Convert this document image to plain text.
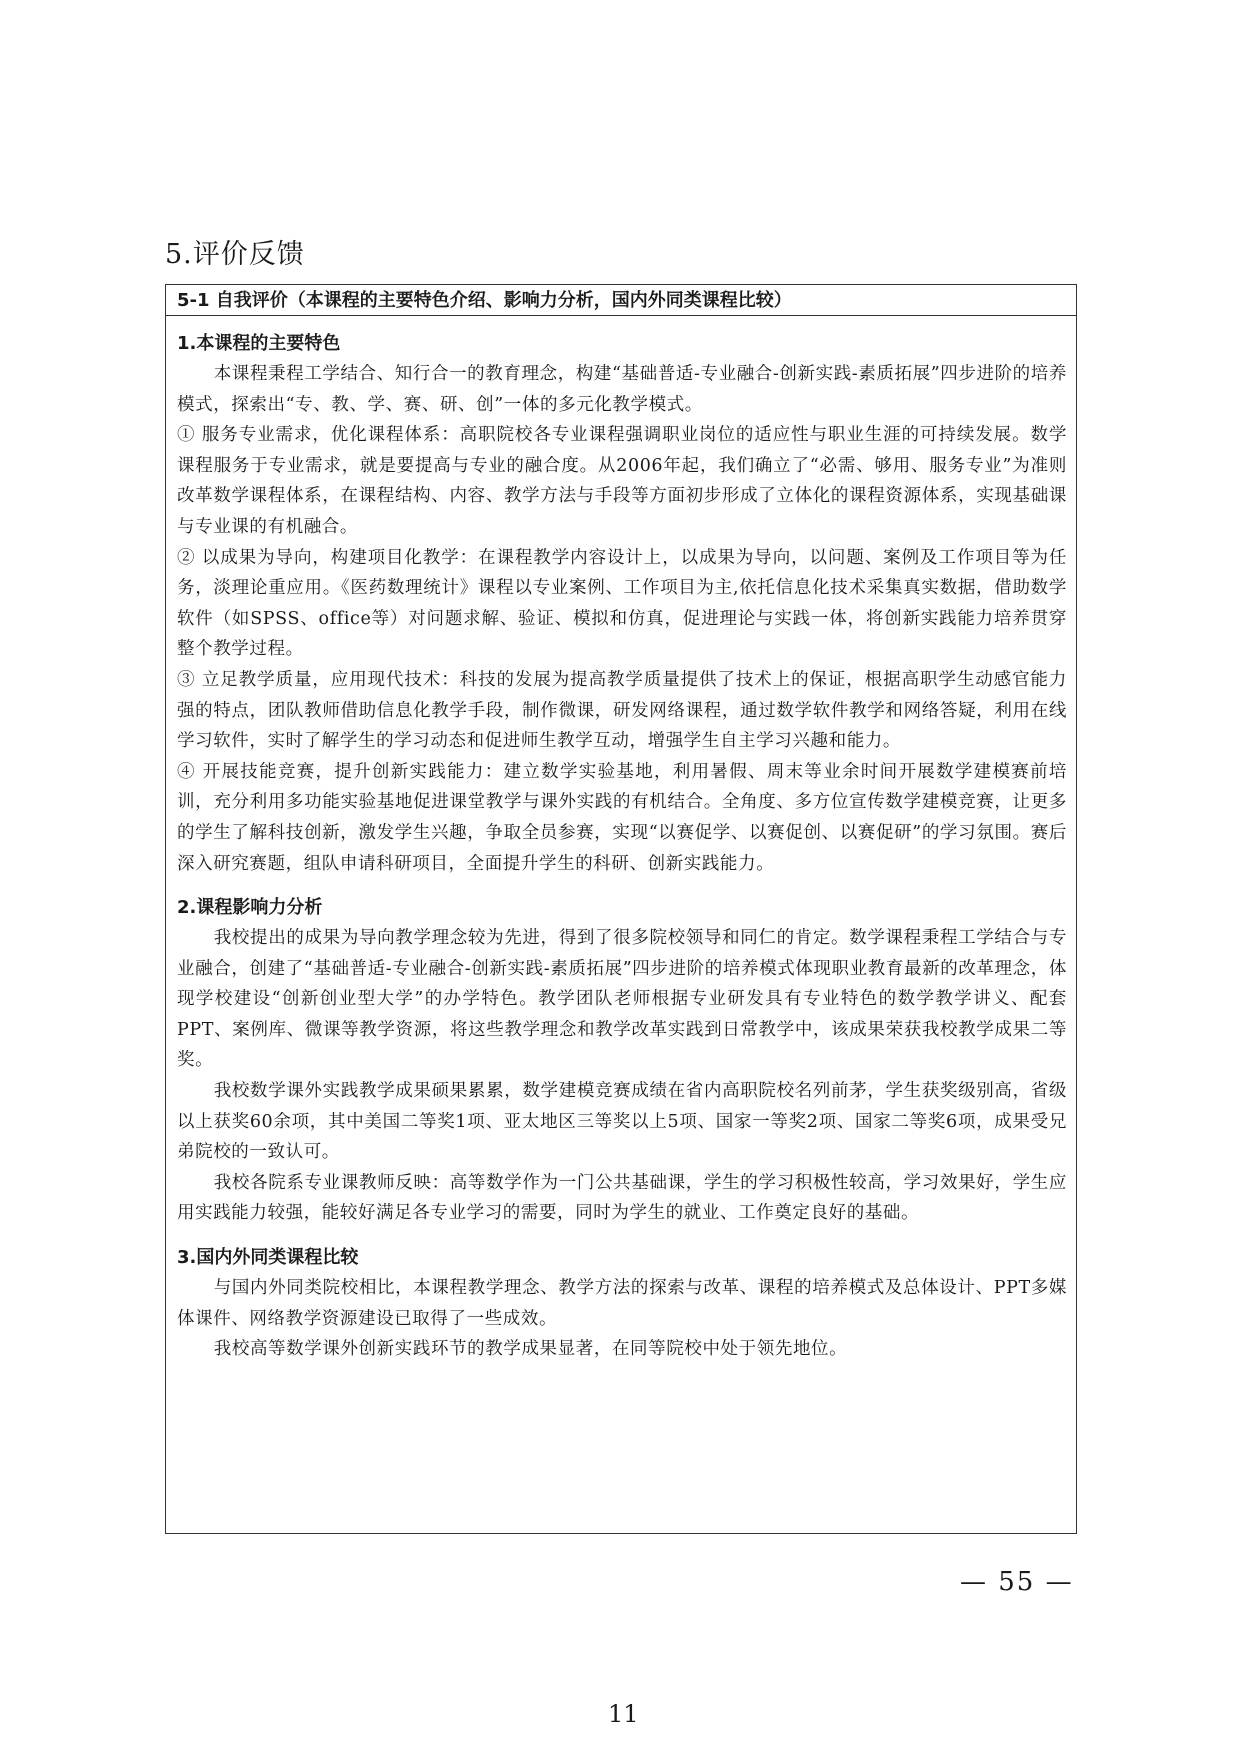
5.评价反馈
5-1 自我评价（本课程的主要特色介绍、影响力分析，国内外同类课程比较）

1.本课程的主要特色

本课程秉程工学结合、知行合一的教育理念，构建“基础普适-专业融合-创新实践-素质拓展”四步进阶的培养模式，探索出“专、教、学、赛、研、创”一体的多元化教学模式。

① 服务专业需求，优化课程体系：高职院校各专业课程强调职业岗位的适应性与职业生涯的可持续发展。数学课程服务于专业需求，就是要提高与专业的融合度。从2006年起，我们确立了“必需、够用、服务专业”为准则改革数学课程体系，在课程结构、内容、教学方法与手段等方面初步形成了立体化的课程资源体系，实现基础课与专业课的有机融合。

② 以成果为导向，构建项目化教学：在课程教学内容设计上，以成果为导向，以问题、案例及工作项目等为任务，淡理论重应用。《医药数理统计》课程以专业案例、工作项目为主,依托信息化技术采集真实数据，借助数学软件（如SPSS、office等）对问题求解、验证、模拟和仿真，促进理论与实践一体，将创新实践能力培养贯穿整个教学过程。

③ 立足教学质量，应用现代技术：科技的发展为提高教学质量提供了技术上的保证，根据高职学生动感官能力强的特点，团队教师借助信息化教学手段，制作微课，研发网络课程，通过数学软件教学和网络答疑，利用在线学习软件，实时了解学生的学习动态和促进师生教学互动，增强学生自主学习兴趣和能力。

④ 开展技能竞赛，提升创新实践能力：建立数学实验基地，利用暑假、周末等业余时间开展数学建模赛前培训，充分利用多功能实验基地促进课堂教学与课外实践的有机结合。全角度、多方位宣传数学建模竞赛，让更多的学生了解科技创新，激发学生兴趣，争取全员参赛，实现“以赛促学、以赛促创、以赛促研”的学习氛围。赛后深入研究赛题，组队申请科研项目，全面提升学生的科研、创新实践能力。

2.课程影响力分析

我校提出的成果为导向教学理念较为先进，得到了很多院校领导和同仁的肯定。数学课程秉程工学结合与专业融合，创建了“基础普适-专业融合-创新实践-素质拓展”四步进阶的培养模式体现职业教育最新的改革理念，体现学校建设“创新创业型大学”的办学特色。教学团队老师根据专业研发具有专业特色的数学教学讲义、配套PPT、案例库、微课等教学资源，将这些教学理念和教学改革实践到日常教学中，该成果荣获我校教学成果二等奖。

我校数学课外实践教学成果硕果累累，数学建模竞赛成绩在省内高职院校名列前茅，学生获奖级别高，省级以上获奖60余项，其中美国二等奖1项、亚太地区三等奖以上5项、国家一等奖2项、国家二等奖6项，成果受兄弟院校的一致认可。

我校各院系专业课教师反映：高等数学作为一门公共基础课，学生的学习积极性较高，学习效果好，学生应用实践能力较强，能较好满足各专业学习的需要，同时为学生的就业、工作奠定良好的基础。

3.国内外同类课程比较

与国内外同类院校相比，本课程教学理念、教学方法的探索与改革、课程的培养模式及总体设计、PPT多媒体课件、网络教学资源建设已取得了一些成效。

我校高等数学课外创新实践环节的教学成果显著，在同等院校中处于领先地位。

— 55 —
11
